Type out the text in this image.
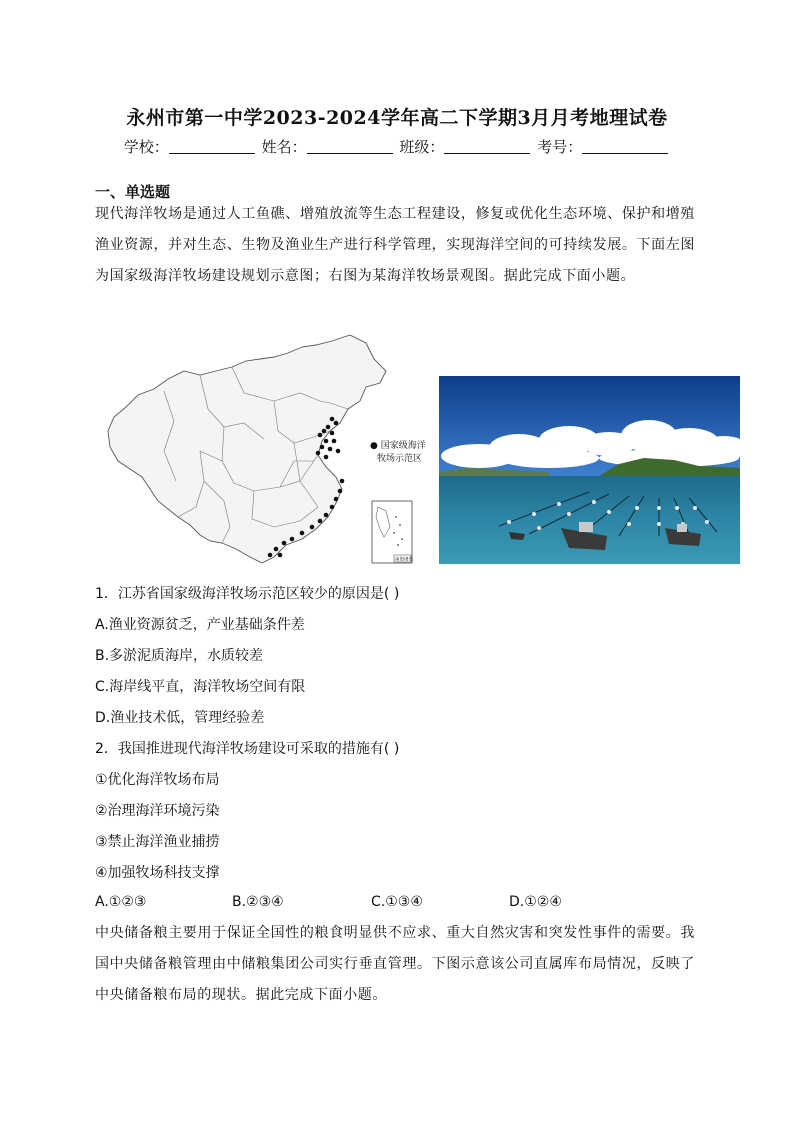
永州市第一中学2023-2024学年高二下学期3月月考地理试卷
学校：	姓名：	班级：	考号：
一、单选题
现代海洋牧场是通过人工鱼礁、增殖放流等生态工程建设，修复或优化生态环境、保护和增殖渔业资源，并对生态、生物及渔业生产进行科学管理，实现海洋空间的可持续发展。下面左图为国家级海洋牧场建设规划示意图；右图为某海洋牧场景观图。据此完成下面小题。
● 国家级海洋
牧场示范区
南海诸岛
1．江苏省国家级海洋牧场示范区较少的原因是( )
A.渔业资源贫乏，产业基础条件差
B.多淤泥质海岸，水质较差
C.海岸线平直，海洋牧场空间有限
D.渔业技术低，管理经验差
2．我国推进现代海洋牧场建设可采取的措施有( )
①优化海洋牧场布局
②治理海洋环境污染
③禁止海洋渔业捕捞
④加强牧场科技支撑
A.①②③	B.②③④	C.①③④	D.①②④
中央储备粮主要用于保证全国性的粮食明显供不应求、重大自然灾害和突发性事件的需要。我国中央储备粮管理由中储粮集团公司实行垂直管理。下图示意该公司直属库布局情况，反映了中央储备粮布局的现状。据此完成下面小题。
